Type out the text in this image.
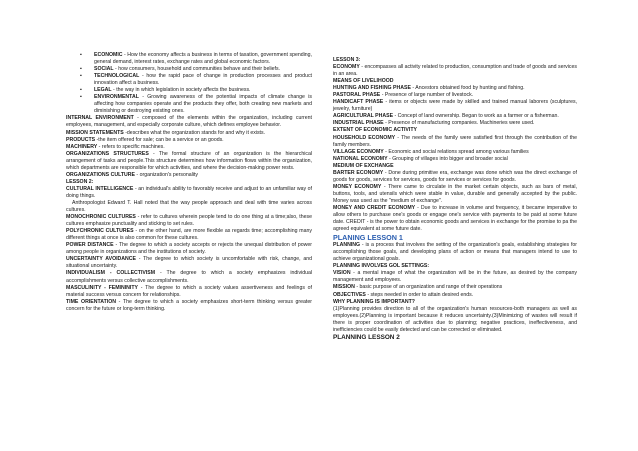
▪ ECONOMIC - How the economy affects a business in terms of taxation, government spending, general demand, interest rates, exchange rates and global economic factors.
▪ SOCIAL - how consumers, household and communities behave and their beliefs.
▪ TECHNOLOGICAL - how the rapid pace of change in production processes and product innovation affect a business.
▪ LEGAL - the way in which legislation in society affects the business.
▪ ENVIRONMENTAL - Growing awareness of the potential impacts of climate change is affecting how companies operate and the products they offer, both creating new markets and diminishing or destroying existing ones.

INTERNAL ENVIRONMENT - composed of the elements within the organization, including current employees, management, and especially corporate culture, which defines employee behavior.

MISSION STATEMENTS -describes what the organization stands for and why it exists.

PRODUCTS -the item offered for sale; can be a service or an goods.

MACHINERY - refers to specific machines.

ORGANIZATIONS STRUCTURES - The formal structure of an organization is the hierarchical arrangement of tasks and people.This structure determines how information flows within the organization, which departments are responsible for which activities, and where the decision-making power rests.

ORGANIZATIONS CULTURE - organization's personality

LESSON 2:

CULTURAL INTELLIGENCE - an individual's ability to favorably receive and adjust to an unfamiliar way of doing things.

Anthropologist Edward T. Hall noted that the way people approach and deal with time varies across cultures.

MONOCHRONIC CULTURES - refer to cultures wherein people tend to do one thing at a time;also, these cultures emphasize punctuality and sticking to set rules.

POLYCHRONIC CULTURES - on the other hand, are more flexible as regards time; accomplishing many different things at once is also common for these cultures.

POWER DISTANCE - The degree to which a society accepts or rejects the unequal distribution of power among people in organizations and the institutions of society.

UNCERTAINTY AVOIDANCE - The degree to which society is uncomfortable with risk, change, and situational uncertainty.

INDIVIDUALISM - COLLECTIVISM - The degree to which a society emphasizes individual accomplishments versus collective accomplishments.

MASCULINITY - FEMININITY - The degree to which a society values assertiveness and feelings of material success versus concern for relationships.

TIME ORIENTATION - The degree to which a society emphasizes short-term thinking versus greater concern for the future or long-term thinking.

LESSON 3:

ECONOMY - encompasses all activity related to production, consumption and trade of goods and services in an area.

MEANS OF LIVELIHOOD

HUNTING AND FISHING PHASE - Ancestors obtained food by hunting and fishing.

PASTORAL PHASE - Presence of large number of livestock.

HANDICAFT PHASE - items or objects were made by skilled and trained manual laborers (sculptures, jewelry, furniture)

AGRICULTURAL PHASE - Concept of land ownership. Began to work as a farmer or a fisherman.

INDUSTRIAL PHASE - Presence of manufacturing companies. Machineries were used.

EXTENT OF ECONOMIC ACTIVITY

HOUSEHOLD ECONOMY - The needs of the family were satisfied first through the contribution of the family members.

VILLAGE ECONOMY - Economic and social relations spread among various families

NATIONAL ECONOMY - Grouping of villages into bigger and broader social

MEDIUM OF EXCHANGE

BARTER ECONOMY - Done during primitive era, exchange was done which was the direct exchange of goods for goods, services for services, goods for services or services for goods.

MONEY ECONOMY - There came to circulate in the market certain objects, such as bars of metal, buttons, tools, and utensils which were stable in value, durable and generally accepted by the public. Money was used as the "medium of exchange".

MONEY AND CREDIT ECONOMY - Due to increase in volume and frequency, it became imperative to allow others to purchase one's goods or engage one's service with payments to be paid at some future date. CREDIT - is the power to obtain economic goods and services in exchange for the promise to pa the agreed equivalent at some future date.

PLANING LESSON 1

PLANNING - is a process that involves the setting of the organization's goals, establishing strategies for accomplishing those goals, and developing plans of action or means that managers intend to use to achieve organizational goals.

PLANNING INVOLVES GOL SETTINGS:

VISION - a mental image of what the organization will be in the future, as desired by the company management and employees.

MISSION - basic purpose of an organization and range of their operations

OBJECTIVES - steps needed in order to attain desired ends.

WHY PLANNING IS IMPORTANT?

(1)Planning provides direction to all of the organization's human resources-both managers as well as employees.(2)Planning is important because it reduces uncertainty.(3)Minimizing of wastes will result if there is proper coordination of activities due to planning; negative practices, ineffectiveness, and inefficiencies could be easily detected and can be corrected or eliminated.

PLANNING LESSON 2
